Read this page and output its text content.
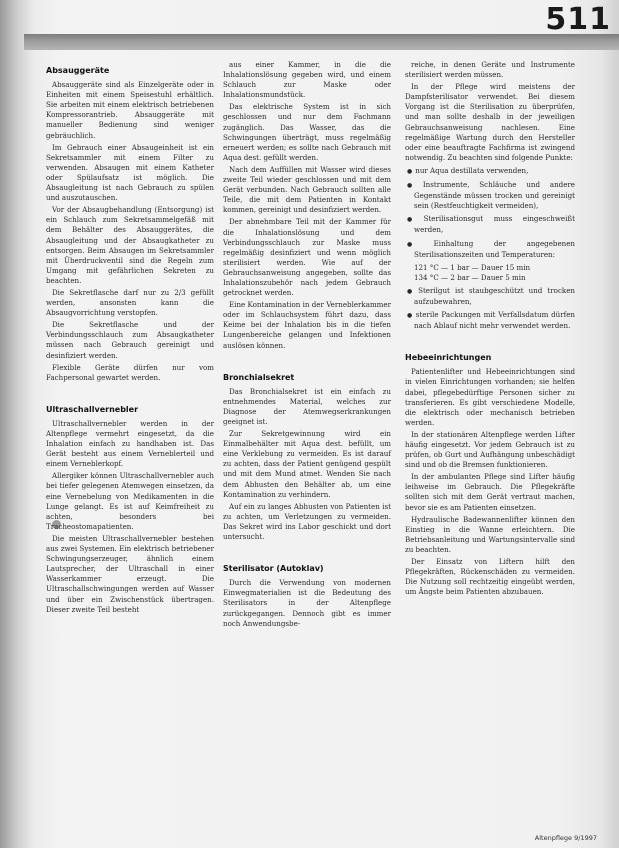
511
Absauggeräte

Absauggeräte sind als Einzelgeräte oder in Einheiten mit einem Speisestuhl erhältlich. Sie arbeiten mit einem elektrisch betriebenen Kompressorantrieb. Absauggeräte mit manueller Bedienung sind weniger gebräuchlich.

Im Gebrauch einer Absaugeinheit ist ein Sekretsammler mit einem Filter zu verwenden. Absaugen mit einem Katheter oder Spülaufsatz ist möglich. Die Absaugleitung ist nach Gebrauch zu spülen und auszutauschen.

Vor der Absaugbehandlung (Entsorgung) ist ein Schlauch zum Sekretsammelgefäß mit dem Behälter des Absauggerätes, die Absaugleitung und der Absaugkatheter zu entsorgen. Beim Absaugen im Sekretsammler mit Überdruckventil sind die Regeln zum Umgang mit gefährlichen Sekreten zu beachten.

Die Sekretflasche darf nur zu 2/3 gefüllt werden, ansonsten kann die Absaugvorrichtung verstopfen.

Die Sekretflasche und der Verbindungsschlauch zum Absaugkatheter müssen nach Gebrauch gereinigt und desinfiziert werden.

Flexible Geräte dürfen nur vom Fachpersonal gewartet werden.

Ultraschallvernebler

Ultraschallvernebler werden in der Altenpflege vermehrt eingesetzt, da die Inhalation einfach zu handhaben ist. Das Gerät besteht aus einem Verneblerteil und einem Verneblerkopf.

Allergiker können Ultraschallvernebler auch bei tiefer gelegenen Atemwegen einsetzen, da eine Vernebelung von Medikamenten in die Lunge gelangt. Es ist auf Keimfreiheit zu achten, besonders bei Tracheostomapatienten.

Die meisten Ultraschallvernebler bestehen aus zwei Systemen. Ein elektrisch betriebener Schwingungserzeuger, ähnlich einem Lautsprecher, der Ultraschall in einer Wasserkammer erzeugt. Die Ultraschallschwingungen werden auf Wasser und über ein Zwischenstück übertragen. Dieser zweite Teil besteht

aus einer Kammer, in die die Inhalationslösung gegeben wird, und einem Schlauch zur Maske oder Inhalationsmundstück.

Das elektrische System ist in sich geschlossen und nur dem Fachmann zugänglich. Das Wasser, das die Schwingungen überträgt, muss regelmäßig erneuert werden; es sollte nach Gebrauch mit Aqua dest. gefüllt werden.

Nach dem Auffüllen mit Wasser wird dieses zweite Teil wieder geschlossen und mit dem Gerät verbunden. Nach Gebrauch sollten alle Teile, die mit dem Patienten in Kontakt kommen, gereinigt und desinfiziert werden.

Der abnehmbare Teil mit der Kammer für die Inhalationslösung und dem Verbindungsschlauch zur Maske muss regelmäßig desinfiziert und wenn möglich sterilisiert werden. Wie auf der Gebrauchsanweisung angegeben, sollte das Inhalationszubehör nach jedem Gebrauch getrocknet werden.

Eine Kontamination in der Verneblerkammer oder im Schlauchsystem führt dazu, dass Keime bei der Inhalation bis in die tiefen Lungenbereiche gelangen und Infektionen auslösen können.

Bronchialsekret

Das Bronchialsekret ist ein einfach zu entnehmendes Material, welches zur Diagnose der Atemwegserkrankungen geeignet ist.

Zur Sekretgewinnung wird ein Einmalbehälter mit Aqua dest. befüllt, um eine Verklebung zu vermeiden. Es ist darauf zu achten, dass der Patient genügend gespült und mit dem Mund atmet. Wenden Sie nach dem Abhusten den Behälter ab, um eine Kontamination zu verhindern.

Auf ein zu langes Abhusten von Patienten ist zu achten, um Verletzungen zu vermeiden. Das Sekret wird ins Labor geschickt und dort untersucht.

Sterilisator (Autoklav)

Durch die Verwendung von modernen Einwegmaterialien ist die Bedeutung des Sterilisators in der Altenpflege zurückgegangen. Dennoch gibt es immer noch Anwendungsbe-

reiche, in denen Geräte und Instrumente sterilisiert werden müssen.

In der Pflege wird meistens der Dampfsterilisator verwendet. Bei diesem Vorgang ist die Sterilisation zu überprüfen, und man sollte deshalb in der jeweiligen Gebrauchsanweisung nachlesen. Eine regelmäßige Wartung durch den Hersteller oder eine beauftragte Fachfirma ist zwingend notwendig. Zu beachten sind folgende Punkte:

● nur Aqua destillata verwenden,
● Instrumente, Schläuche und andere Gegenstände müssen trocken und gereinigt sein (Restfeuchtigkeit vermeiden),
● Sterilisationsgut muss eingeschweißt werden,
● Einhaltung der angegebenen Sterilisationszeiten und Temperaturen:
121 °C — 1 bar — Dauer 15 min
134 °C — 2 bar — Dauer 5 min
● Sterilgut ist staubgeschützt und trocken aufzubewahren,
● sterile Packungen mit Verfallsdatum dürfen nach Ablauf nicht mehr verwendet werden.
Hebeeinrichtungen

Patientenlifter und Hebeeinrichtungen sind in vielen Einrichtungen vorhanden; sie helfen dabei, pflegebedürftige Personen sicher zu transferieren. Es gibt verschiedene Modelle, die elektrisch oder mechanisch betrieben werden.

In der stationären Altenpflege werden Lifter häufig eingesetzt. Vor jedem Gebrauch ist zu prüfen, ob Gurt und Aufhängung unbeschädigt sind und ob die Bremsen funktionieren.

In der ambulanten Pflege sind Lifter häufig leihweise im Gebrauch. Die Pflegekräfte sollten sich mit dem Gerät vertraut machen, bevor sie es am Patienten einsetzen.

Hydraulische Badewannenlifter können den Einstieg in die Wanne erleichtern. Die Betriebsanleitung und Wartungsintervalle sind zu beachten.

Der Einsatz von Liftern hilft den Pflegekräften, Rückenschäden zu vermeiden. Die Nutzung soll rechtzeitig eingeübt werden, um Ängste beim Patienten abzubauen.

Altenpflege 9/1997
